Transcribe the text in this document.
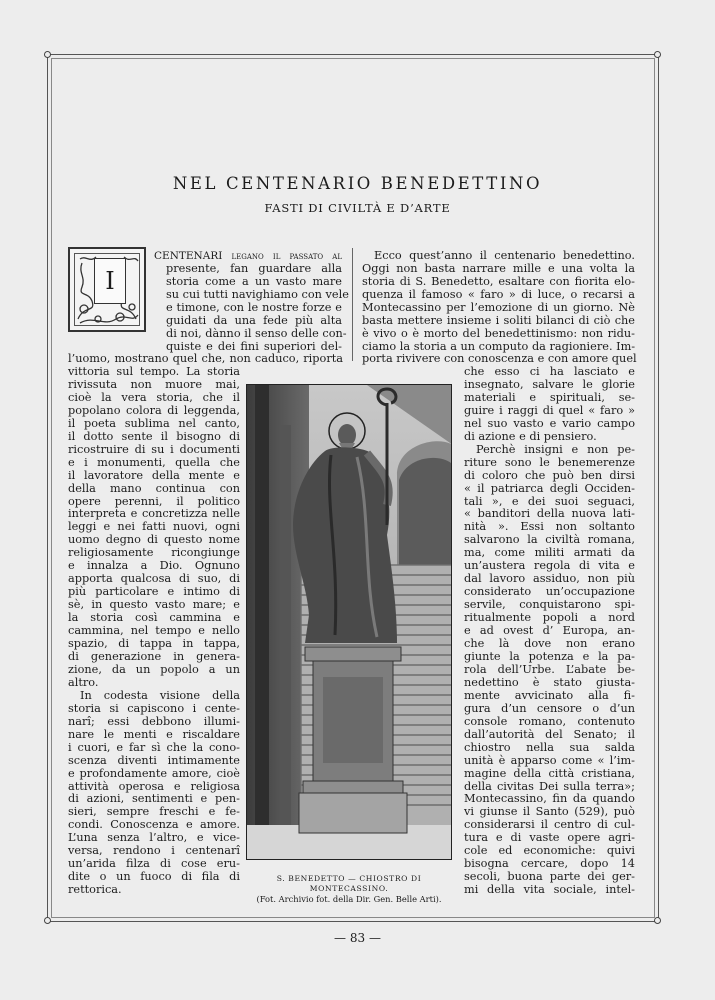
NEL CENTENARIO BENEDETTINO
FASTI DI CIVILTÀ E D’ARTE
I
CENTENARI legano il passato al
presente, fan guardare alla
storia come a un vasto mare
su cui tutti navighiamo con vele
e timone, con le nostre forze e
guidati da una fede più alta
di noi, dànno il senso delle con-
quiste e dei fini superiori del-
l’uomo, mostrano quel che, non caduco, riporta
vittoria sul tempo. La storia
rivissuta non muore mai,
cioè la vera storia, che il
popolano colora di leggenda,
il poeta sublima nel canto,
il dotto sente il bisogno di
ricostruire di su i documenti
e i monumenti, quella che
il lavoratore della mente e
della mano continua con
opere perenni, il politico
interpreta e concretizza nelle
leggi e nei fatti nuovi, ogni
uomo degno di questo nome
religiosamente ricongiunge
e innalza a Dio. Ognuno
apporta qualcosa di suo, di
più particolare e intimo di
sè, in questo vasto mare; e
la storia così cammina e
cammina, nel tempo e nello
spazio, di tappa in tappa,
di generazione in genera-
zione, da un popolo a un
altro.
In codesta visione della
storia si capiscono i cente-
narî; essi debbono illumi-
nare le menti e riscaldare
i cuori, e far sì che la cono-
scenza diventi intimamente
e profondamente amore, cioè
attività operosa e religiosa
di azioni, sentimenti e pen-
sieri, sempre freschi e fe-
condi. Conoscenza e amore.
L’una senza l’altro, e vice-
versa, rendono i centenarî
un’arida filza di cose eru-
dite o un fuoco di fila di
rettorica.
Ecco quest’anno il centenario benedettino.
Oggi non basta narrare mille e una volta la
storia di S. Benedetto, esaltare con fiorita elo-
quenza il famoso « faro » di luce, o recarsi a
Montecassino per l’emozione di un giorno. Nè
basta mettere insieme i soliti bilanci di ciò che
è vivo o è morto del benedettinismo: non ridu-
ciamo la storia a un computo da ragioniere. Im-
porta rivivere con conoscenza e con amore quel
che esso ci ha lasciato e
insegnato, salvare le glorie
materiali e spirituali, se-
guire i raggi di quel « faro »
nel suo vasto e vario campo
di azione e di pensiero.
Perchè insigni e non pe-
riture sono le benemerenze
di coloro che può ben dirsi
« il patriarca degli Occiden-
tali », e dei suoi seguaci,
« banditori della nuova lati-
nità ». Essi non soltanto
salvarono la civiltà romana,
ma, come militi armati da
un’austera regola di vita e
dal lavoro assiduo, non più
considerato un’occupazione
servile, conquistarono spi-
ritualmente popoli a nord
e ad ovest d’ Europa, an-
che là dove non erano
giunte la potenza e la pa-
rola dell’Urbe. L’abate be-
nedettino è stato giusta-
mente avvicinato alla fi-
gura d’un censore o d’un
console romano, contenuto
dall’autorità del Senato; il
chiostro nella sua salda
unità è apparso come « l’im-
magine della città cristiana,
della civitas Dei sulla terra»;
Montecassino, fin da quando
vi giunse il Santo (529), può
considerarsi il centro di cul-
tura e di vaste opere agri-
cole ed economiche: quivi
bisogna cercare, dopo 14
secoli, buona parte dei ger-
mi della vita sociale, intel-
S. BENEDETTO — CHIOSTRO DI MONTECASSINO.
(Fot. Archivio fot. della Dir. Gen. Belle Arti).
— 83 —
